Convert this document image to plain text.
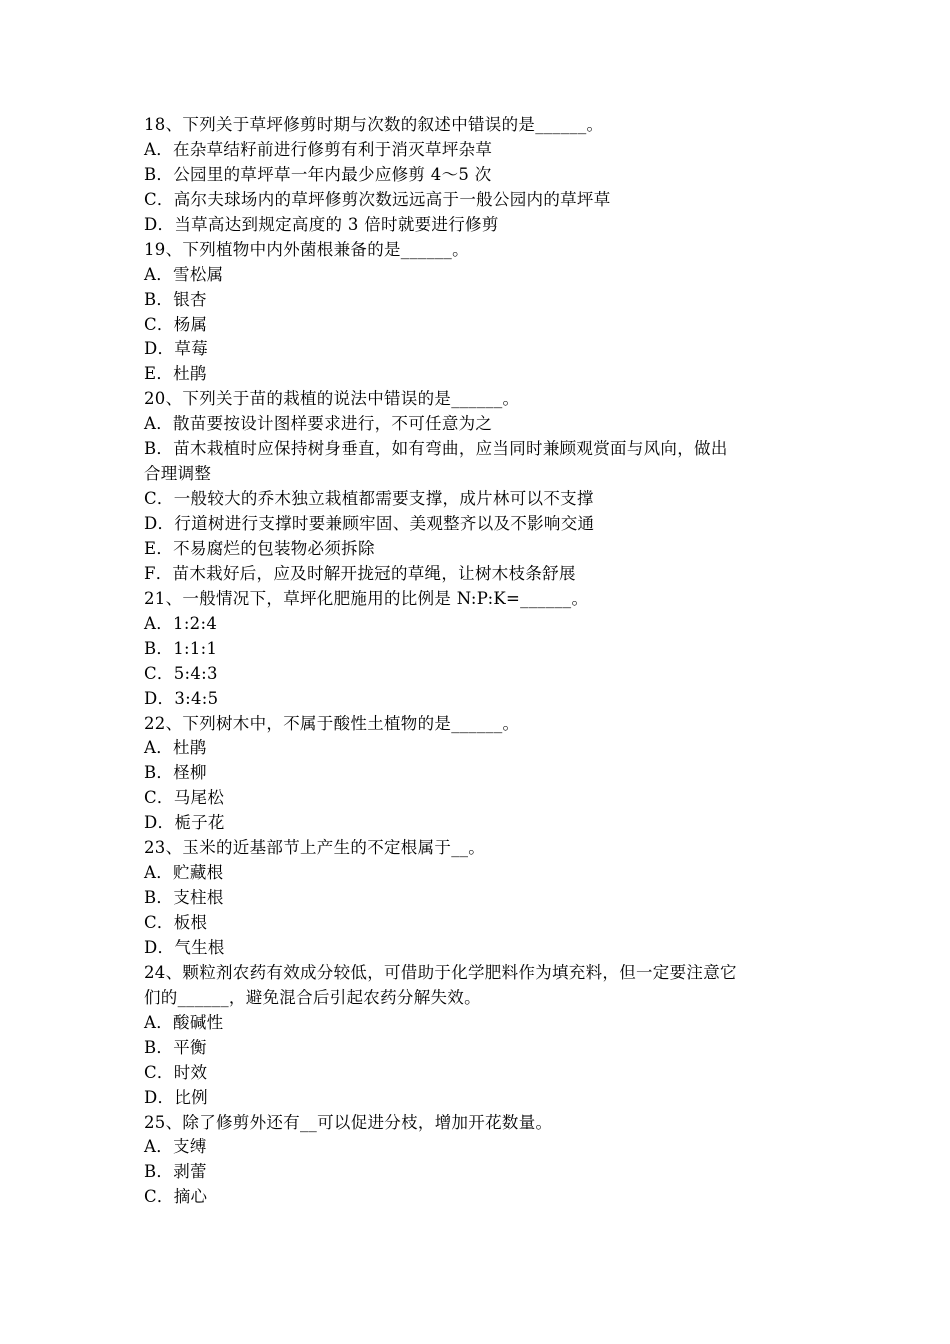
18、下列关于草坪修剪时期与次数的叙述中错误的是______。
A．在杂草结籽前进行修剪有利于消灭草坪杂草
B．公园里的草坪草一年内最少应修剪 4～5 次
C．高尔夫球场内的草坪修剪次数远远高于一般公园内的草坪草
D．当草高达到规定高度的 3 倍时就要进行修剪
19、下列植物中内外菌根兼备的是______。
A．雪松属
B．银杏
C．杨属
D．草莓
E．杜鹃
20、下列关于苗的栽植的说法中错误的是______。
A．散苗要按设计图样要求进行，不可任意为之
B．苗木栽植时应保持树身垂直，如有弯曲，应当同时兼顾观赏面与风向，做出
合理调整
C．一般较大的乔木独立栽植都需要支撑，成片林可以不支撑
D．行道树进行支撑时要兼顾牢固、美观整齐以及不影响交通
E．不易腐烂的包装物必须拆除
F．苗木栽好后，应及时解开拢冠的草绳，让树木枝条舒展
21、一般情况下，草坪化肥施用的比例是 N:P:K=______。
A．1:2:4
B．1:1:1
C．5:4:3
D．3:4:5
22、下列树木中，不属于酸性土植物的是______。
A．杜鹃
B．柽柳
C．马尾松
D．栀子花
23、玉米的近基部节上产生的不定根属于__。
A．贮藏根
B．支柱根
C．板根
D．气生根
24、颗粒剂农药有效成分较低，可借助于化学肥料作为填充料，但一定要注意它
们的______，避免混合后引起农药分解失效。
A．酸碱性
B．平衡
C．时效
D．比例
25、除了修剪外还有__可以促进分枝，增加开花数量。
A．支缚
B．剥蕾
C．摘心
